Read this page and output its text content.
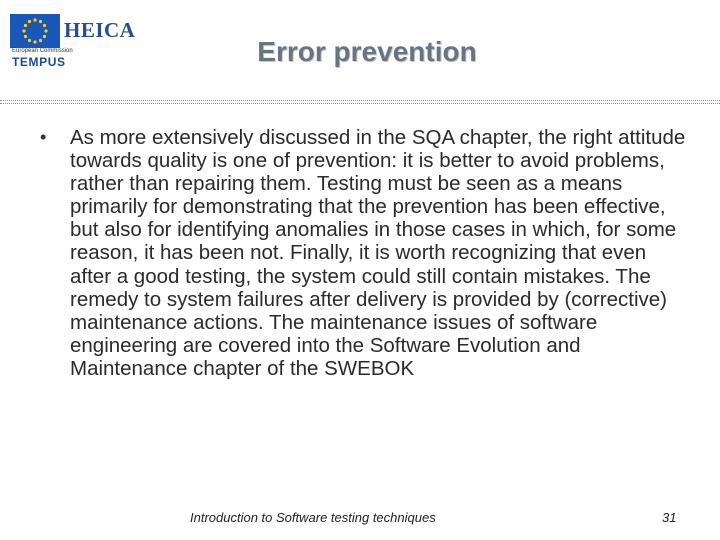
HEICA
European Commission
TEMPUS	Error prevention
•	As more extensively discussed in the SQA chapter, the right attitude towards quality is one of prevention: it is better to avoid problems, rather than repairing them. Testing must be seen as a means primarily for demonstrating that the prevention has been effective, but also for identifying anomalies in those cases in which, for some reason, it has been not. Finally, it is worth recognizing that even after a good testing, the system could still contain mistakes. The remedy to system failures after delivery is provided by (corrective) maintenance actions. The maintenance issues of software engineering are covered into the Software Evolution and Maintenance chapter of the SWEBOK
Introduction to Software testing techniques	31
